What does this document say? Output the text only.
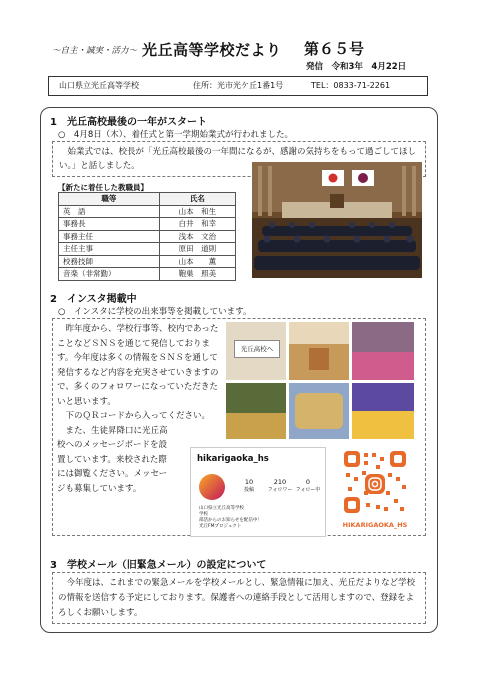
～自主・誠実・活力～ 光丘高等学校だより 第６５号
発信　令和3年　4月22日
山口県立光丘高等学校	住所：光市光ケ丘1番1号	TEL：0833-71-2261
1　光丘高校最後の一年がスタート
○　4月8日（木）、着任式と第一学期始業式が行われました。
始業式では、校長が「光丘高校最後の一年間になるが、感謝の気持ちをもって過ごしてほしい。」と話しました。
【新たに着任した教職員】
職等	氏名
英　語	山本　和生
事務長	白井　和幸
事務主任	浅本　文治
主任主事	原田　道則
校務技師	山本　　薫
音楽（非常勤）	鞄巣　照美
2　インスタ掲載中
○　インスタに学校の出来事等を掲載しています。

昨年度から、学校行事等、校内であったことなどＳＮＳを通じて発信しております。今年度は多くの情報をＳＮＳを通して発信するなど内容を充実させていきますので、多くのフォロワーになっていただきたいと思います。

下のＱＲコードから入ってください。

また、生徒昇降口に光丘高校へのメッセージボードを設置しています。来校された際には御覧ください。メッセージも募集しています。

光丘高校へ
hikarigaoka_hs
10
投稿
210
フォロワー
0
フォロー中
山口県立光丘高等学校
学校
部活からのお知らせを配信中！
光丘FMプロジェクト	HIKARIGAOKA_HS
3　学校メール（旧緊急メール）の設定について
今年度は、これまでの緊急メールを学校メールとし、緊急情報に加え、光丘だよりなど学校の情報を送信する予定にしております。保護者への連絡手段として活用しますので、登録をよろしくお願いします。
